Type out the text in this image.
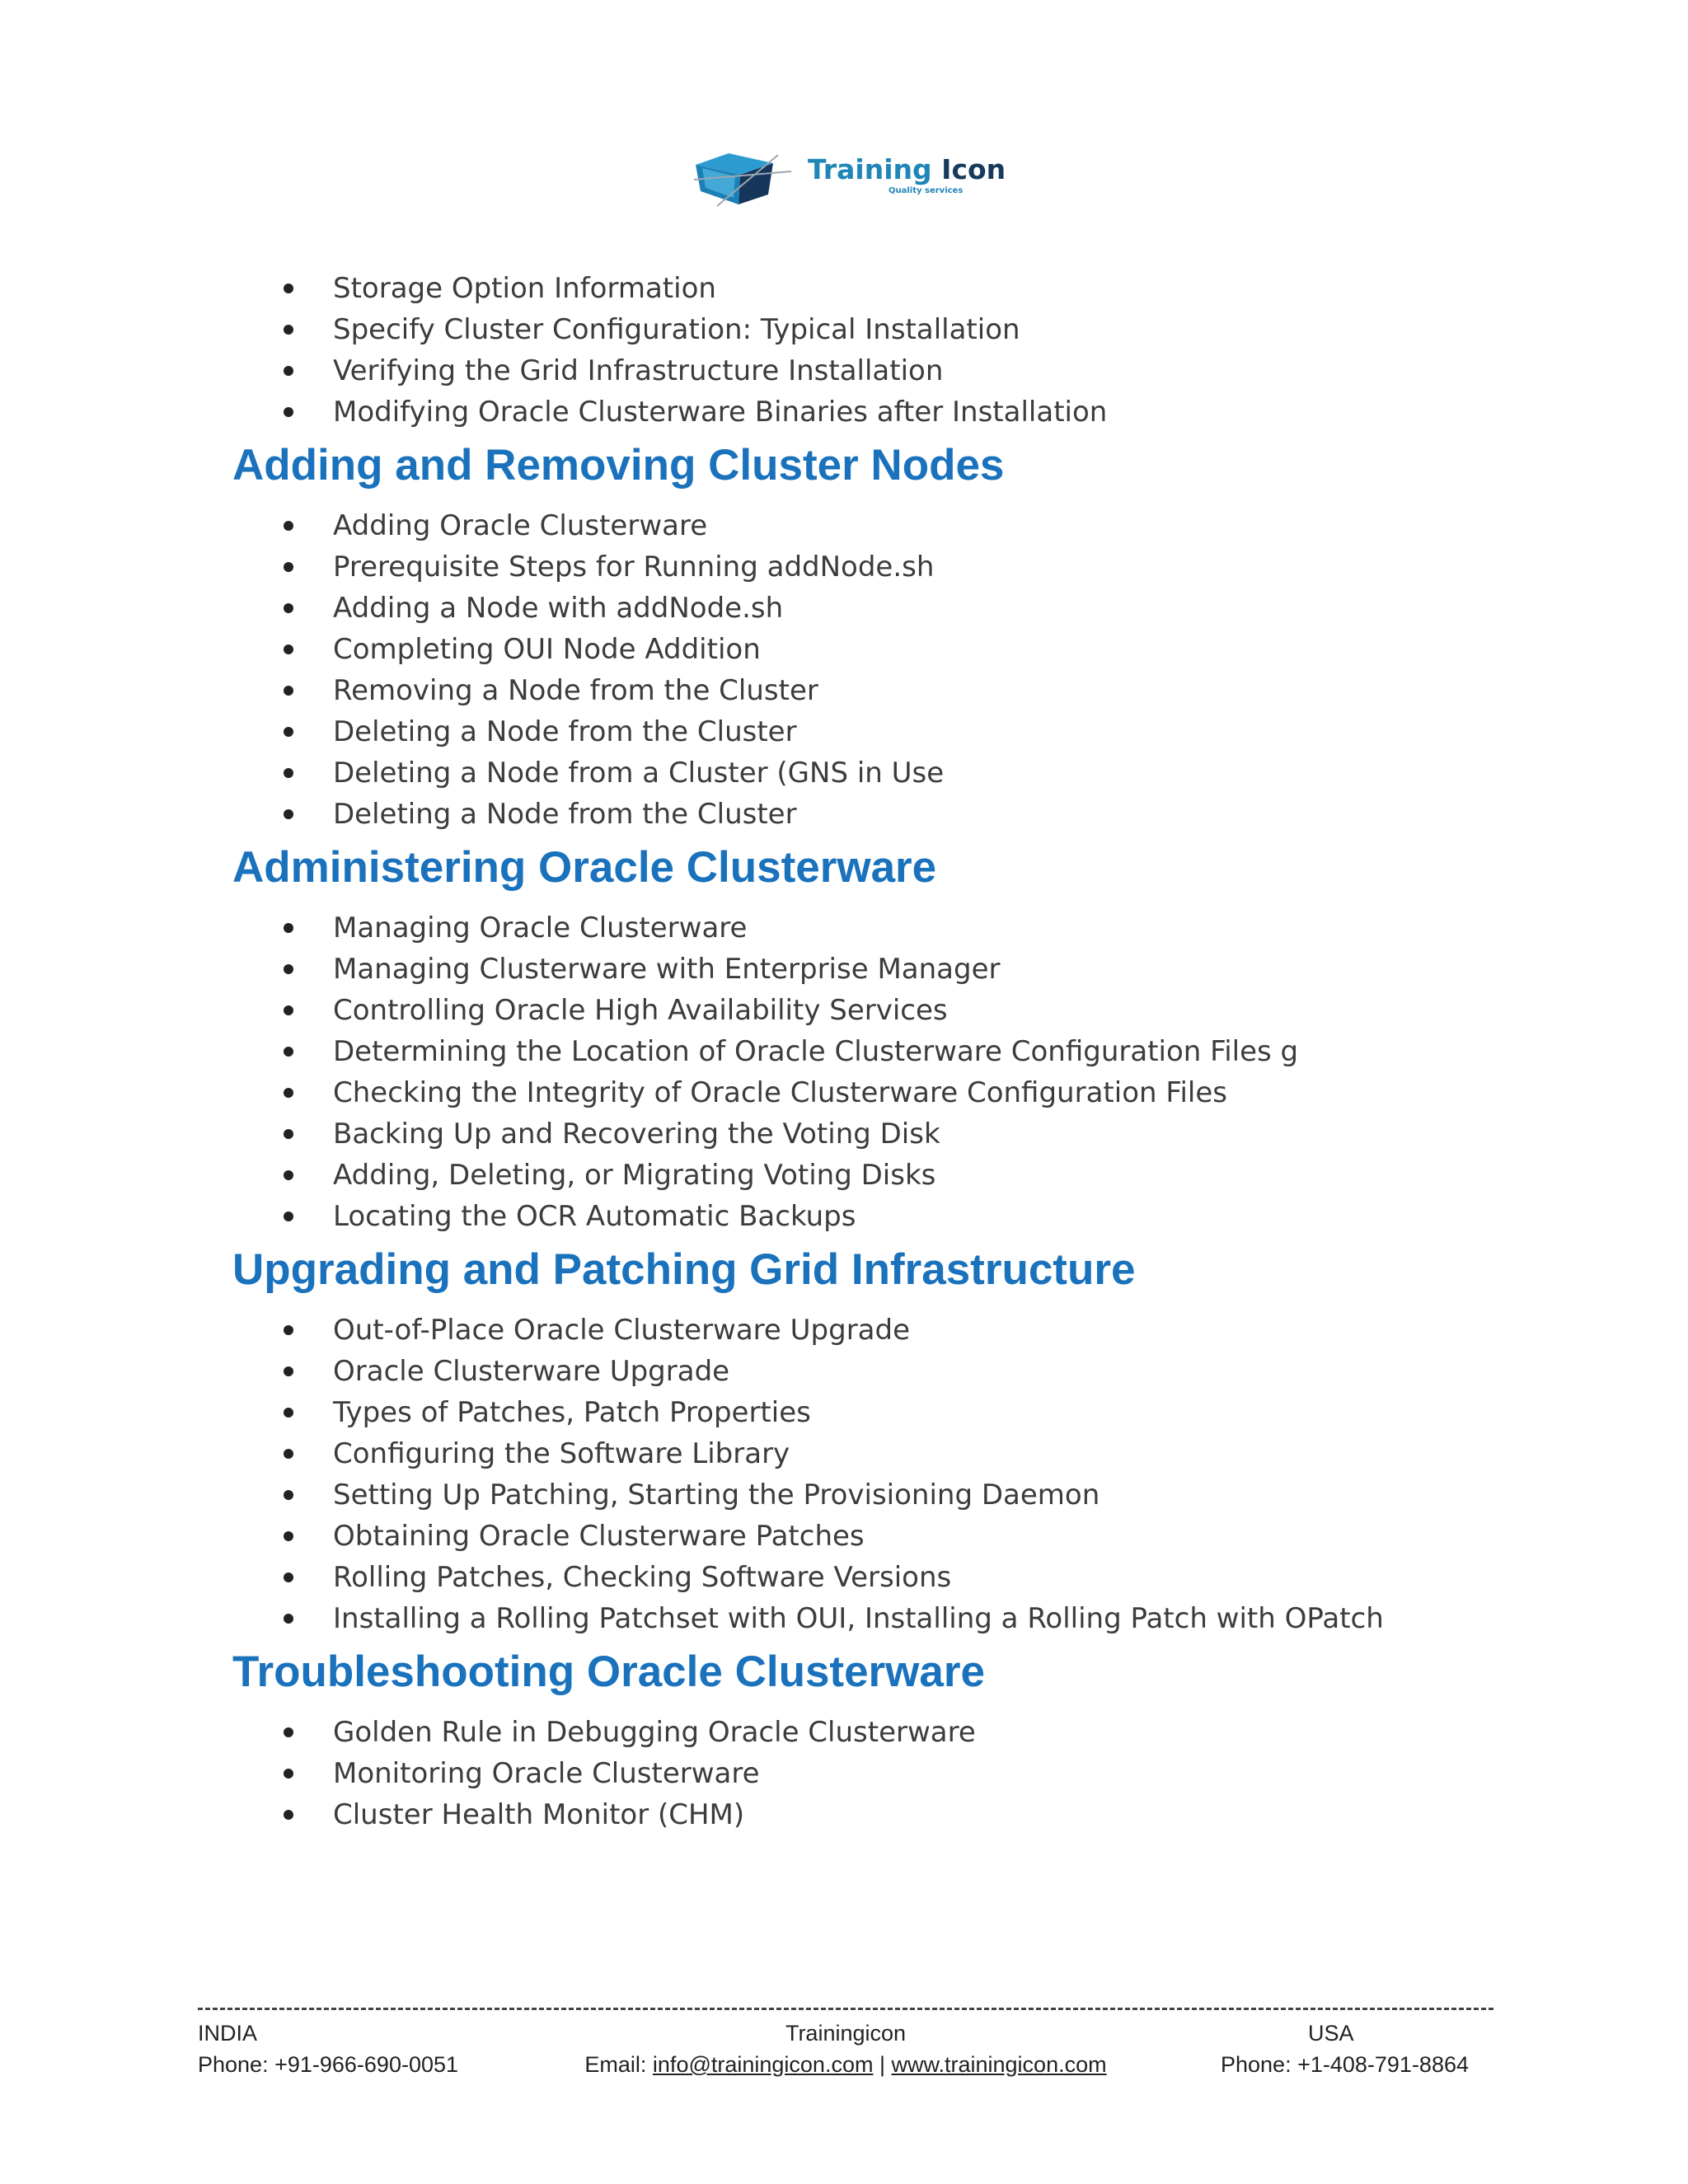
Training Icon
Quality services
Storage Option Information
Specify Cluster Configuration: Typical Installation
Verifying the Grid Infrastructure Installation
Modifying Oracle Clusterware Binaries after Installation
Adding and Removing Cluster Nodes
Adding Oracle Clusterware
Prerequisite Steps for Running addNode.sh
Adding a Node with addNode.sh
Completing OUI Node Addition
Removing a Node from the Cluster
Deleting a Node from the Cluster
Deleting a Node from a Cluster (GNS in Use
Deleting a Node from the Cluster
Administering Oracle Clusterware
Managing Oracle Clusterware
Managing Clusterware with Enterprise Manager
Controlling Oracle High Availability Services
Determining the Location of Oracle Clusterware Configuration Files g
Checking the Integrity of Oracle Clusterware Configuration Files
Backing Up and Recovering the Voting Disk
Adding, Deleting, or Migrating Voting Disks
Locating the OCR Automatic Backups
Upgrading and Patching Grid Infrastructure
Out-of-Place Oracle Clusterware Upgrade
Oracle Clusterware Upgrade
Types of Patches, Patch Properties
Configuring the Software Library
Setting Up Patching, Starting the Provisioning Daemon
Obtaining Oracle Clusterware Patches
Rolling Patches, Checking Software Versions
Installing a Rolling Patchset with OUI, Installing a Rolling Patch with OPatch
Troubleshooting Oracle Clusterware
Golden Rule in Debugging Oracle Clusterware
Monitoring Oracle Clusterware
Cluster Health Monitor (CHM)
INDIA
Phone: +91-966-690-0051
Trainingicon
Email: info@trainingicon.com | www.trainingicon.com
USA
Phone: +1-408-791-8864
